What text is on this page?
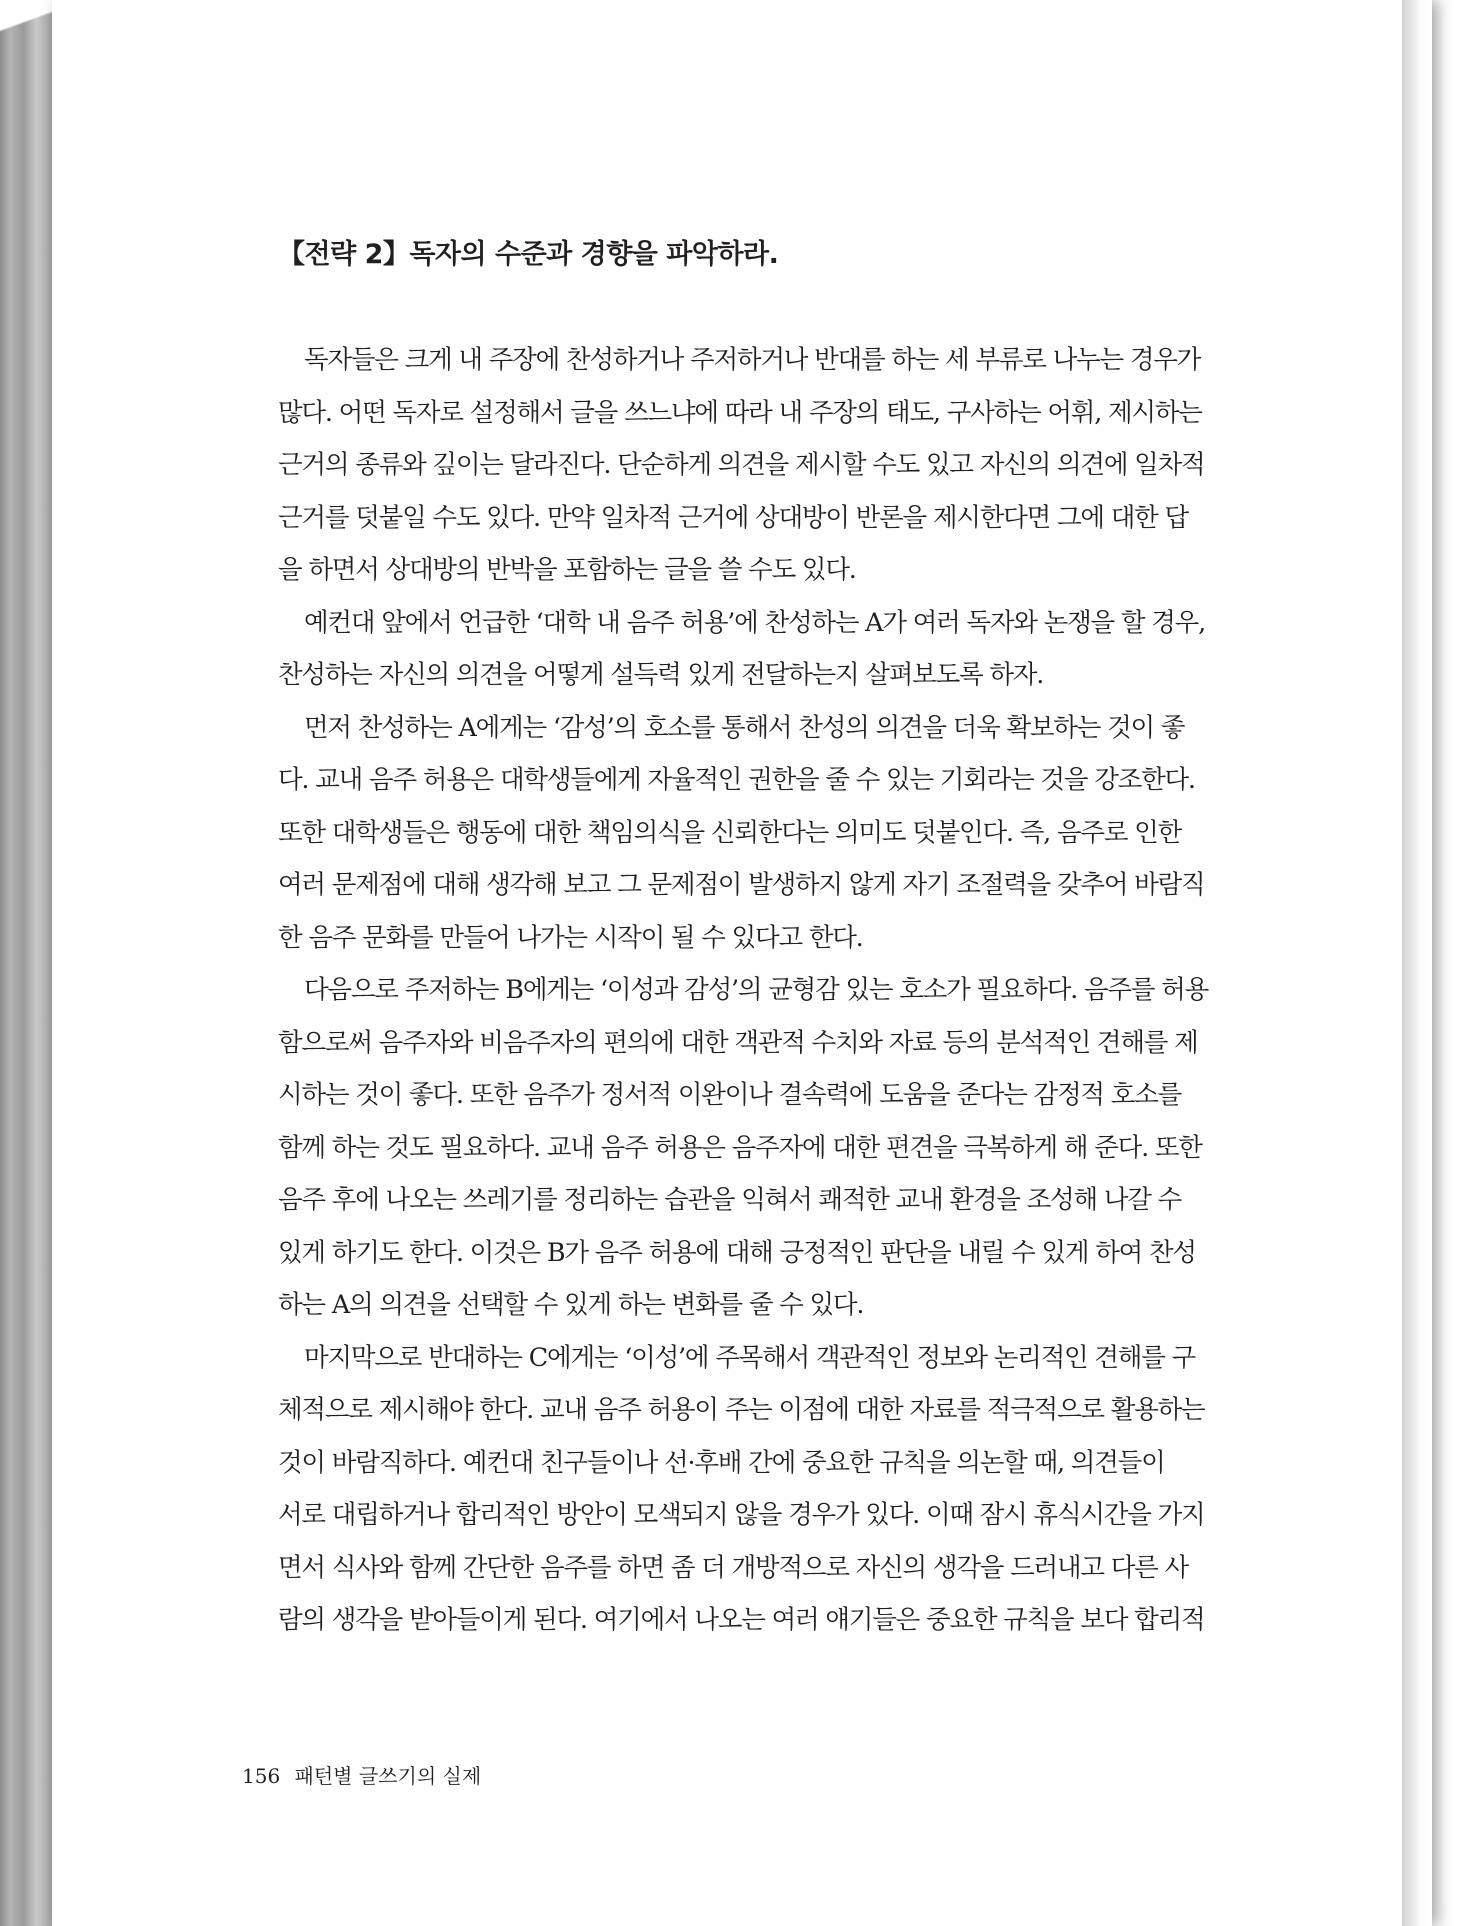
【전략 2】독자의 수준과 경향을 파악하라.
독자들은 크게 내 주장에 찬성하거나 주저하거나 반대를 하는 세 부류로 나누는 경우가
많다. 어떤 독자로 설정해서 글을 쓰느냐에 따라 내 주장의 태도, 구사하는 어휘, 제시하는
근거의 종류와 깊이는 달라진다. 단순하게 의견을 제시할 수도 있고 자신의 의견에 일차적
근거를 덧붙일 수도 있다. 만약 일차적 근거에 상대방이 반론을 제시한다면 그에 대한 답
을 하면서 상대방의 반박을 포함하는 글을 쓸 수도 있다.
예컨대 앞에서 언급한 ‘대학 내 음주 허용’에 찬성하는 A가 여러 독자와 논쟁을 할 경우,
찬성하는 자신의 의견을 어떻게 설득력 있게 전달하는지 살펴보도록 하자.
먼저 찬성하는 A에게는 ‘감성’의 호소를 통해서 찬성의 의견을 더욱 확보하는 것이 좋
다. 교내 음주 허용은 대학생들에게 자율적인 권한을 줄 수 있는 기회라는 것을 강조한다.
또한 대학생들은 행동에 대한 책임의식을 신뢰한다는 의미도 덧붙인다. 즉, 음주로 인한
여러 문제점에 대해 생각해 보고 그 문제점이 발생하지 않게 자기 조절력을 갖추어 바람직
한 음주 문화를 만들어 나가는 시작이 될 수 있다고 한다.
다음으로 주저하는 B에게는 ‘이성과 감성’의 균형감 있는 호소가 필요하다. 음주를 허용
함으로써 음주자와 비음주자의 편의에 대한 객관적 수치와 자료 등의 분석적인 견해를 제
시하는 것이 좋다. 또한 음주가 정서적 이완이나 결속력에 도움을 준다는 감정적 호소를
함께 하는 것도 필요하다. 교내 음주 허용은 음주자에 대한 편견을 극복하게 해 준다. 또한
음주 후에 나오는 쓰레기를 정리하는 습관을 익혀서 쾌적한 교내 환경을 조성해 나갈 수
있게 하기도 한다. 이것은 B가 음주 허용에 대해 긍정적인 판단을 내릴 수 있게 하여 찬성
하는 A의 의견을 선택할 수 있게 하는 변화를 줄 수 있다.
마지막으로 반대하는 C에게는 ‘이성’에 주목해서 객관적인 정보와 논리적인 견해를 구
체적으로 제시해야 한다. 교내 음주 허용이 주는 이점에 대한 자료를 적극적으로 활용하는
것이 바람직하다. 예컨대 친구들이나 선·후배 간에 중요한 규칙을 의논할 때, 의견들이
서로 대립하거나 합리적인 방안이 모색되지 않을 경우가 있다. 이때 잠시 휴식시간을 가지
면서 식사와 함께 간단한 음주를 하면 좀 더 개방적으로 자신의 생각을 드러내고 다른 사
람의 생각을 받아들이게 된다. 여기에서 나오는 여러 얘기들은 중요한 규칙을 보다 합리적
156 패턴별 글쓰기의 실제
